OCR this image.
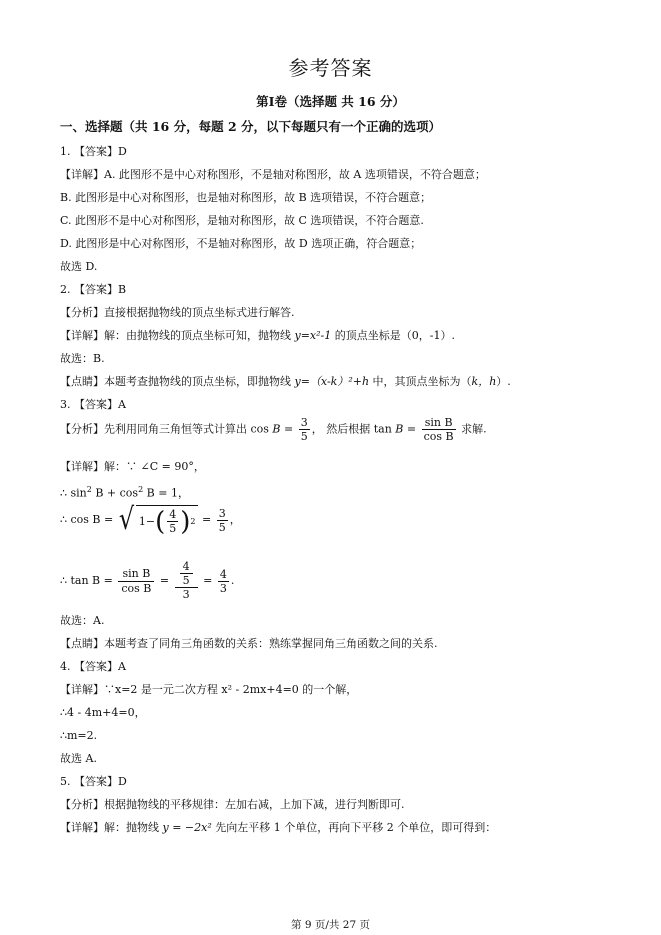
参考答案
第Ⅰ卷（选择题 共 16 分）
一、选择题（共 16 分，每题 2 分，以下每题只有一个正确的选项）
1. 【答案】D
【详解】A. 此图形不是中心对称图形，不是轴对称图形，故 A 选项错误，不符合题意；
B. 此图形是中心对称图形，也是轴对称图形，故 B 选项错误，不符合题意；
C. 此图形不是中心对称图形，是轴对称图形，故 C 选项错误，不符合题意.
D. 此图形是中心对称图形，不是轴对称图形，故 D 选项正确，符合题意；
故选 D.
2. 【答案】B
【分析】直接根据抛物线的顶点坐标式进行解答.
【详解】解：由抛物线的顶点坐标可知，抛物线 y=x²-1 的顶点坐标是（0，-1）.
故选：B.
【点睛】本题考查抛物线的顶点坐标，即抛物线 y=（x-k）²+h 中，其顶点坐标为（k，h）.
3. 【答案】A
【分析】先利用同角三角恒等式计算出 $\cos B = \frac{3}{5}$ ， 然后根据 $\tan B = \frac{\text{sin B}}{\text{cos B}}$ 求解.
【详解】解：∵ ∠C = 90°，
∴ $\sin^2 B + \cos^2 B = 1$，
∴ cos B = √ 1− ( $\frac{4}{5}$ ) $2 = \frac{3}{5}$ ，
∴ $\tan B = \frac{\text{sin B}}{\text{cos B}} = \frac{\frac{4}{5}}{3} = \frac{4}{3}$ .
故选：A.
【点睛】本题考查了同角三角函数的关系：熟练掌握同角三角函数之间的关系.
4. 【答案】A
【详解】∵x=2 是一元二次方程 x² - 2mx+4=0 的一个解，
∴4 - 4m+4=0，
∴m=2.
故选 A.
5. 【答案】D
【分析】根据抛物线的平移规律：左加右减，上加下减，进行判断即可.
【详解】解：抛物线 y = −2x² 先向左平移 1 个单位，再向下平移 2 个单位，即可得到：
第 9 页/共 27 页
